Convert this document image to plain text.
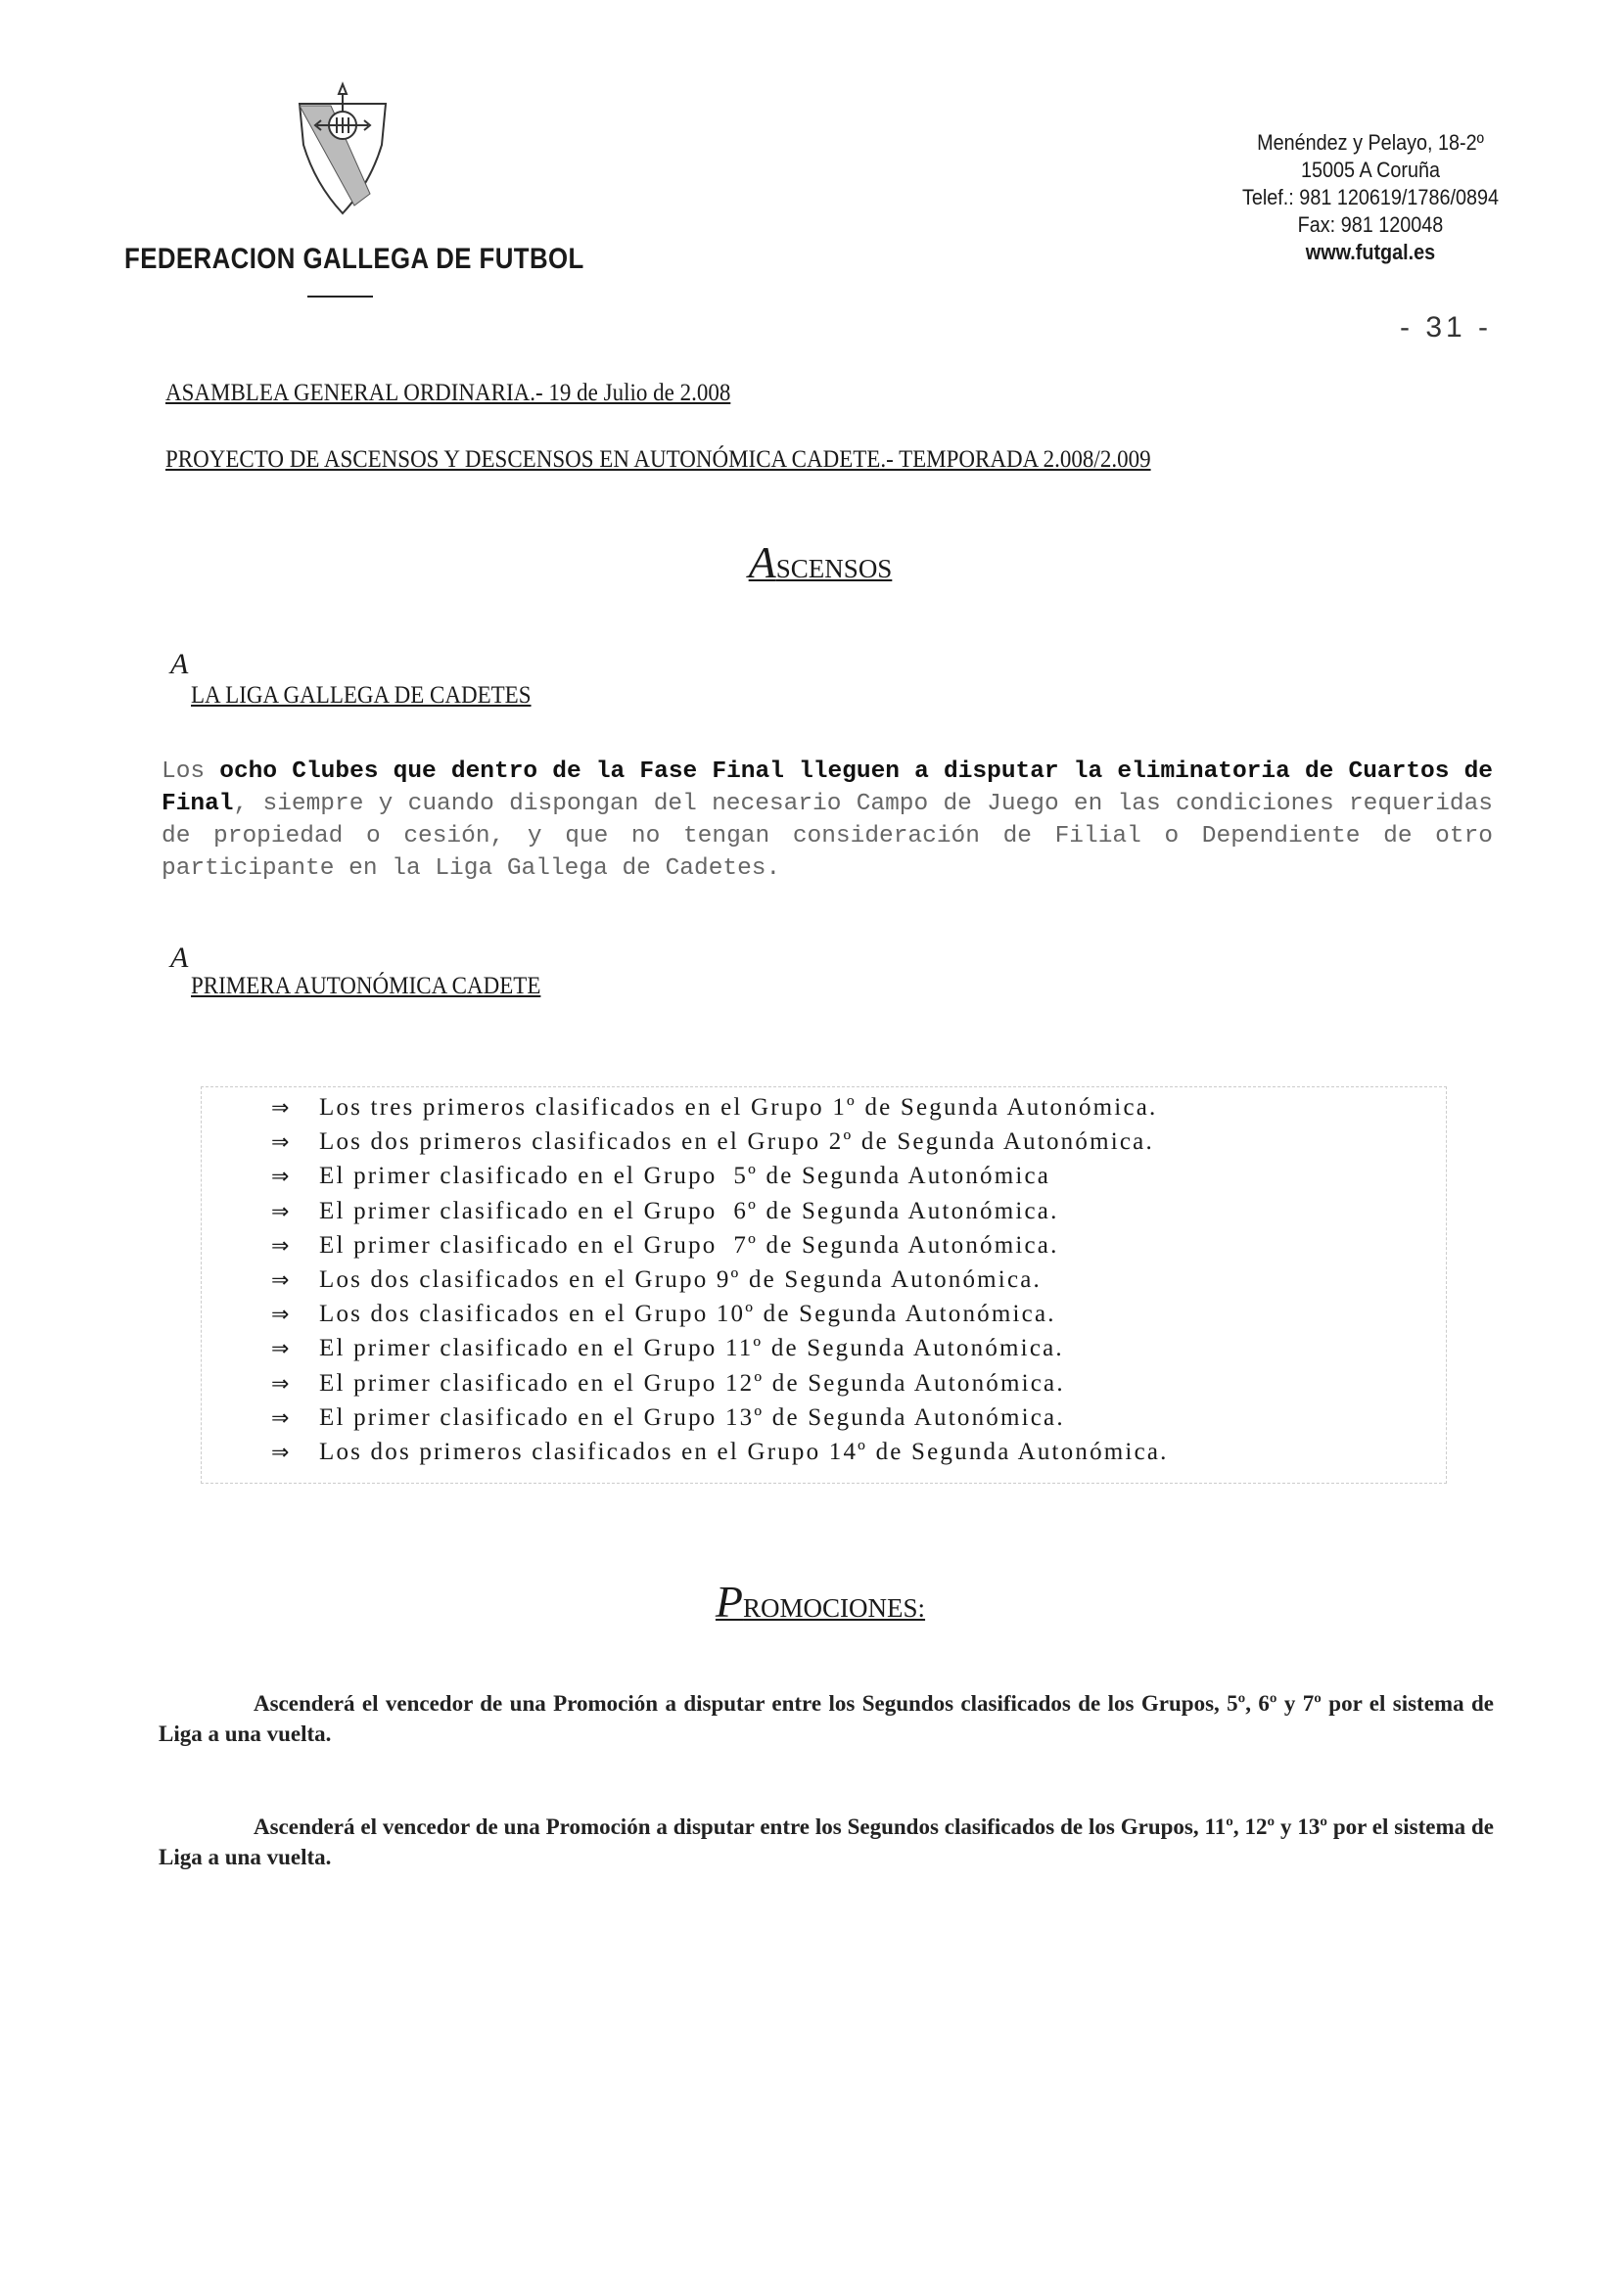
FEDERACION GALLEGA DE FUTBOL
Menéndez y Pelayo, 18-2º
15005 A Coruña
Telef.: 981 120619/1786/0894
Fax: 981 120048
www.futgal.es
- 31 -
ASAMBLEA GENERAL ORDINARIA.- 19 de Julio de 2.008
PROYECTO DE ASCENSOS Y DESCENSOS EN AUTONÓMICA CADETE.- TEMPORADA 2.008/2.009
ASCENSOS
A
LA LIGA GALLEGA DE CADETES
Los ocho Clubes que dentro de la Fase Final lleguen a disputar la eliminatoria de Cuartos de Final, siempre y cuando dispongan del necesario Campo de Juego en las condiciones requeridas de propiedad o cesión, y que no tengan consideración de Filial o Dependiente de otro participante en la Liga Gallega de Cadetes.
A
PRIMERA AUTONÓMICA CADETE
⇒ Los tres primeros clasificados en el Grupo 1º de Segunda Autonómica.
⇒ Los dos primeros clasificados en el Grupo 2º de Segunda Autonómica.
⇒ El primer clasificado en el Grupo  5º de Segunda Autonómica
⇒ El primer clasificado en el Grupo  6º de Segunda Autonómica.
⇒ El primer clasificado en el Grupo  7º de Segunda Autonómica.
⇒ Los dos clasificados en el Grupo 9º de Segunda Autonómica.
⇒ Los dos clasificados en el Grupo 10º de Segunda Autonómica.
⇒ El primer clasificado en el Grupo 11º de Segunda Autonómica.
⇒ El primer clasificado en el Grupo 12º de Segunda Autonómica.
⇒ El primer clasificado en el Grupo 13º de Segunda Autonómica.
⇒ Los dos primeros clasificados en el Grupo 14º de Segunda Autonómica.
PROMOCIONES:
Ascenderá el vencedor de una Promoción a disputar entre los Segundos clasificados de los Grupos, 5º, 6º y 7º por el sistema de Liga a una vuelta.
Ascenderá el vencedor de una Promoción a disputar entre los Segundos clasificados de los Grupos, 11º, 12º y 13º por el sistema de Liga a una vuelta.
